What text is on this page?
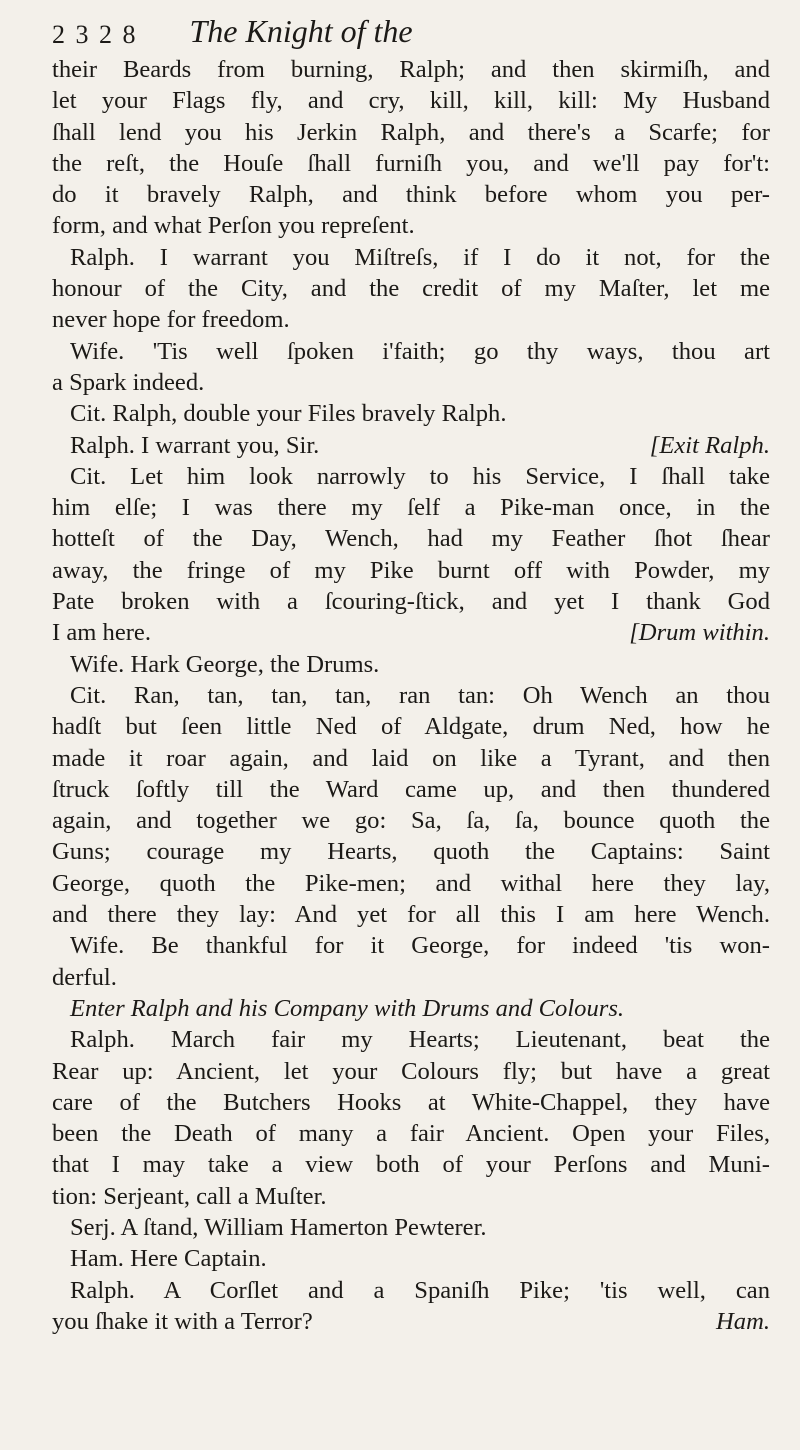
2 3 2 8 The Knight of the
their Beards from burning, Ralph; and then skirmiſh, and
let your Flags fly, and cry, kill, kill, kill: My Husband
ſhall lend you his Jerkin Ralph, and there's a Scarfe; for
the reſt, the Houſe ſhall furniſh you, and we'll pay for't:
do it bravely Ralph, and think before whom you per-
form, and what Perſon you repreſent.
Ralph. I warrant you Miſtreſs, if I do it not, for the
honour of the City, and the credit of my Maſter, let me
never hope for freedom.
Wife. 'Tis well ſpoken i'faith; go thy ways, thou art
a Spark indeed.
Cit. Ralph, double your Files bravely Ralph.
Ralph. I warrant you, Sir.	[Exit Ralph.
Cit. Let him look narrowly to his Service, I ſhall take
him elſe; I was there my ſelf a Pike-man once, in the
hotteſt of the Day, Wench, had my Feather ſhot ſhear
away, the fringe of my Pike burnt off with Powder, my
Pate broken with a ſcouring-ſtick, and yet I thank God
I am here.	[Drum within.
Wife. Hark George, the Drums.
Cit. Ran, tan, tan, tan, ran tan: Oh Wench an thou
hadſt but ſeen little Ned of Aldgate, drum Ned, how he
made it roar again, and laid on like a Tyrant, and then
ſtruck ſoftly till the Ward came up, and then thundered
again, and together we go: Sa, ſa, ſa, bounce quoth the
Guns; courage my Hearts, quoth the Captains: Saint
George, quoth the Pike-men; and withal here they lay,
and there they lay: And yet for all this I am here Wench.
Wife. Be thankful for it George, for indeed 'tis won-
derful.
Enter Ralph and his Company with Drums and Colours.
Ralph. March fair my Hearts; Lieutenant, beat the
Rear up: Ancient, let your Colours fly; but have a great
care of the Butchers Hooks at White-Chappel, they have
been the Death of many a fair Ancient. Open your Files,
that I may take a view both of your Perſons and Muni-
tion: Serjeant, call a Muſter.
Serj. A ſtand, William Hamerton Pewterer.
Ham. Here Captain.
Ralph. A Corſlet and a Spaniſh Pike; 'tis well, can
you ſhake it with a Terror?	Ham.
